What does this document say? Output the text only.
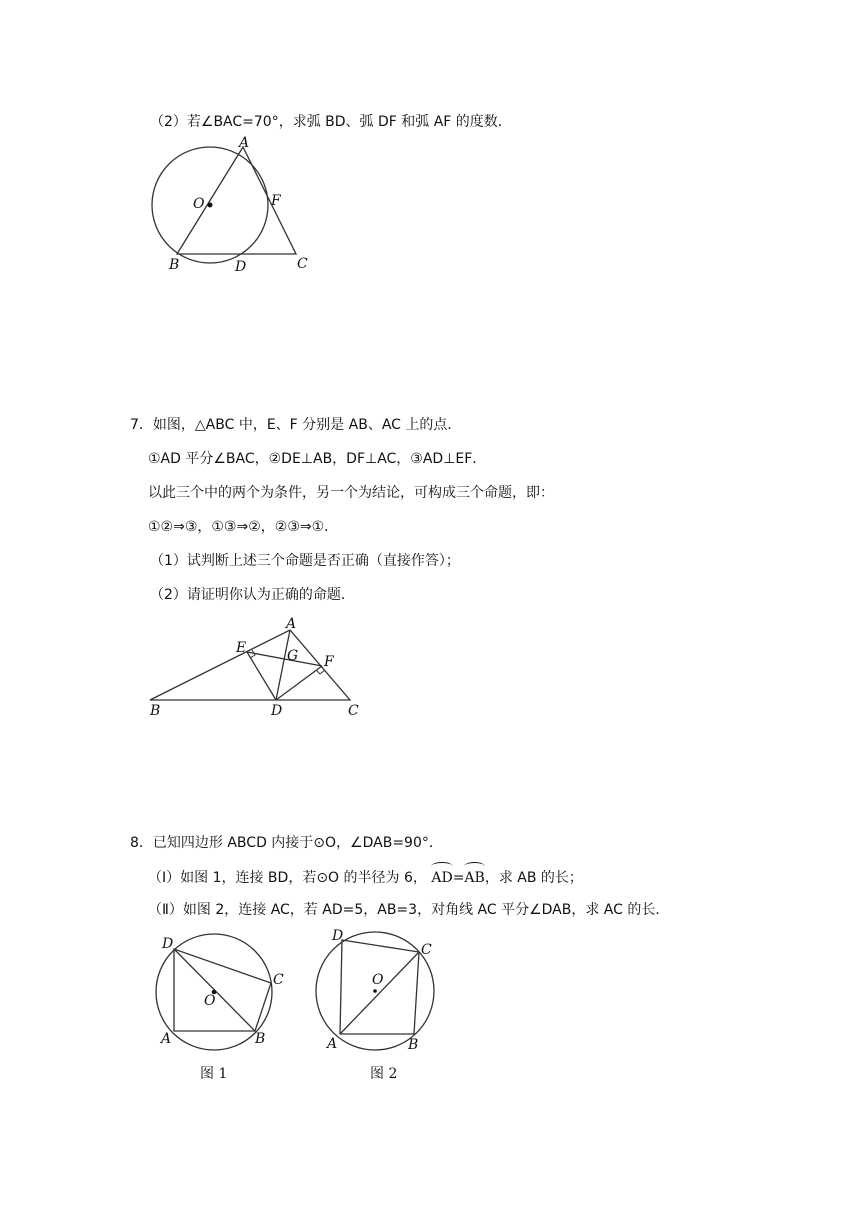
（2）若∠BAC=70°，求弧 BD、弧 DF 和弧 AF 的度数．
A
O	F
B	D	C
7．如图，△ABC 中，E、F 分别是 AB、AC 上的点．
①AD 平分∠BAC，②DE⊥AB，DF⊥AC，③AD⊥EF．
以此三个中的两个为条件，另一个为结论，可构成三个命题，即：
①②⇒③，①③⇒②，②③⇒①．
（1）试判断上述三个命题是否正确（直接作答）；
（2）请证明你认为正确的命题．
A
E	G F
B	D	C
8．已知四边形 ABCD 内接于⊙O，∠DAB=90°．
（Ⅰ）如图 1，连接 BD，若⊙O 的半径为 6， AD=AB，求 AB 的长；
（Ⅱ）如图 2，连接 AC，若 AD=5，AB=3，对角线 AC 平分∠DAB，求 AC 的长．
D
C
O
A	B
图 1
D
C
O
A	B
图 2
